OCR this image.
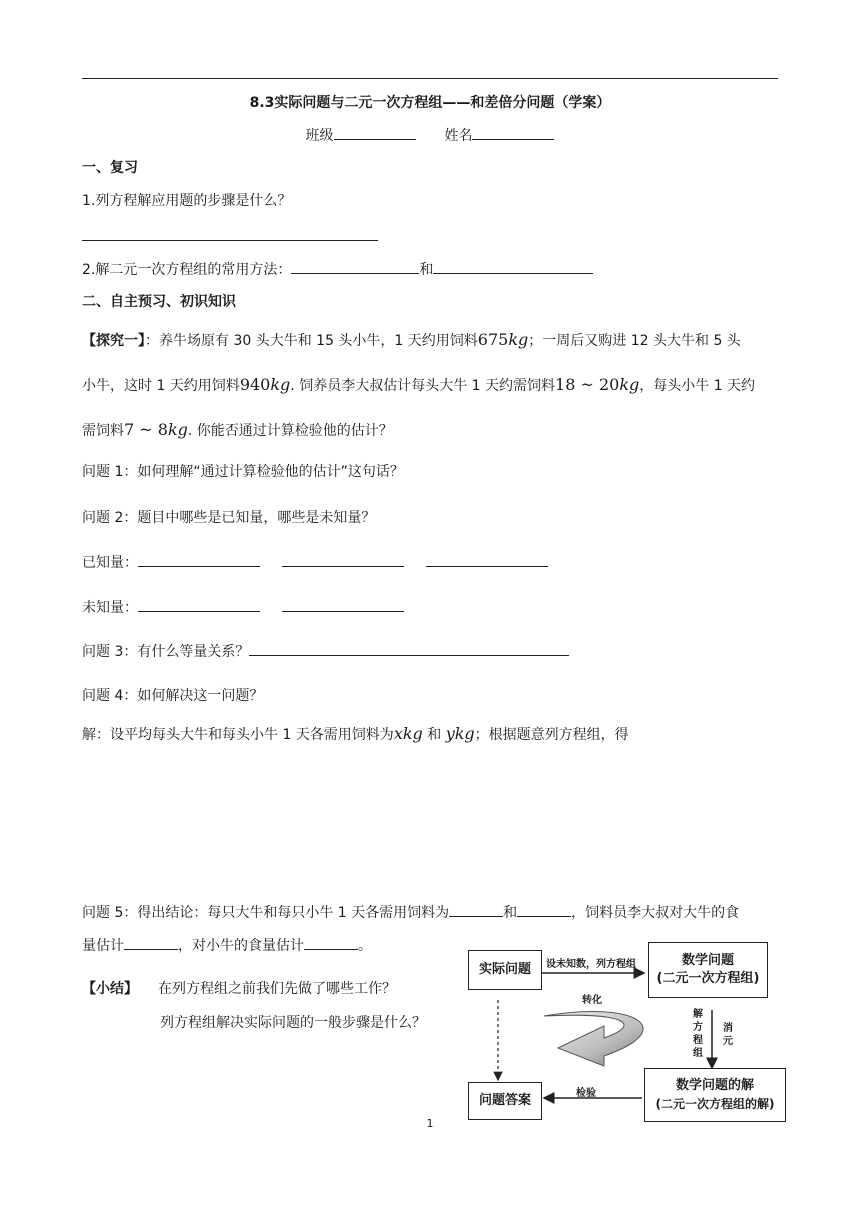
8.3实际问题与二元一次方程组——和差倍分问题（学案）
班级	姓名
一、复习
1.列方程解应用题的步骤是什么？
2.解二元一次方程组的常用方法：	和
二、自主预习、初识知识
【探究一】：养牛场原有 30 头大牛和 15 头小牛，1 天约用饲料675kg；一周后又购进 12 头大牛和 5 头
小牛，这时 1 天约用饲料940kg. 饲养员李大叔估计每头大牛 1 天约需饲料18 ~ 20kg，每头小牛 1 天约
需饲料7 ~ 8kg. 你能否通过计算检验他的估计？
问题 1：如何理解“通过计算检验他的估计”这句话？
问题 2：题目中哪些是已知量，哪些是未知量？
已知量：
未知量：
问题 3：有什么等量关系？
问题 4：如何解决这一问题？
解：设平均每头大牛和每头小牛 1 天各需用饲料为xkg 和 ykg；根据题意列方程组，得
问题 5：得出结论：每只大牛和每只小牛 1 天各需用饲料为	和	，饲料员李大叔对大牛的食
量估计	，对小牛的食量估计	。
【小结】 在列方程组之前我们先做了哪些工作？
列方程组解决实际问题的一般步骤是什么？
实际问题
数学问题
(二元一次方程组)
数学问题的解
(二元一次方程组的解)
问题答案
设未知数，列方程组
转化
解方程组
消元
检验
1
